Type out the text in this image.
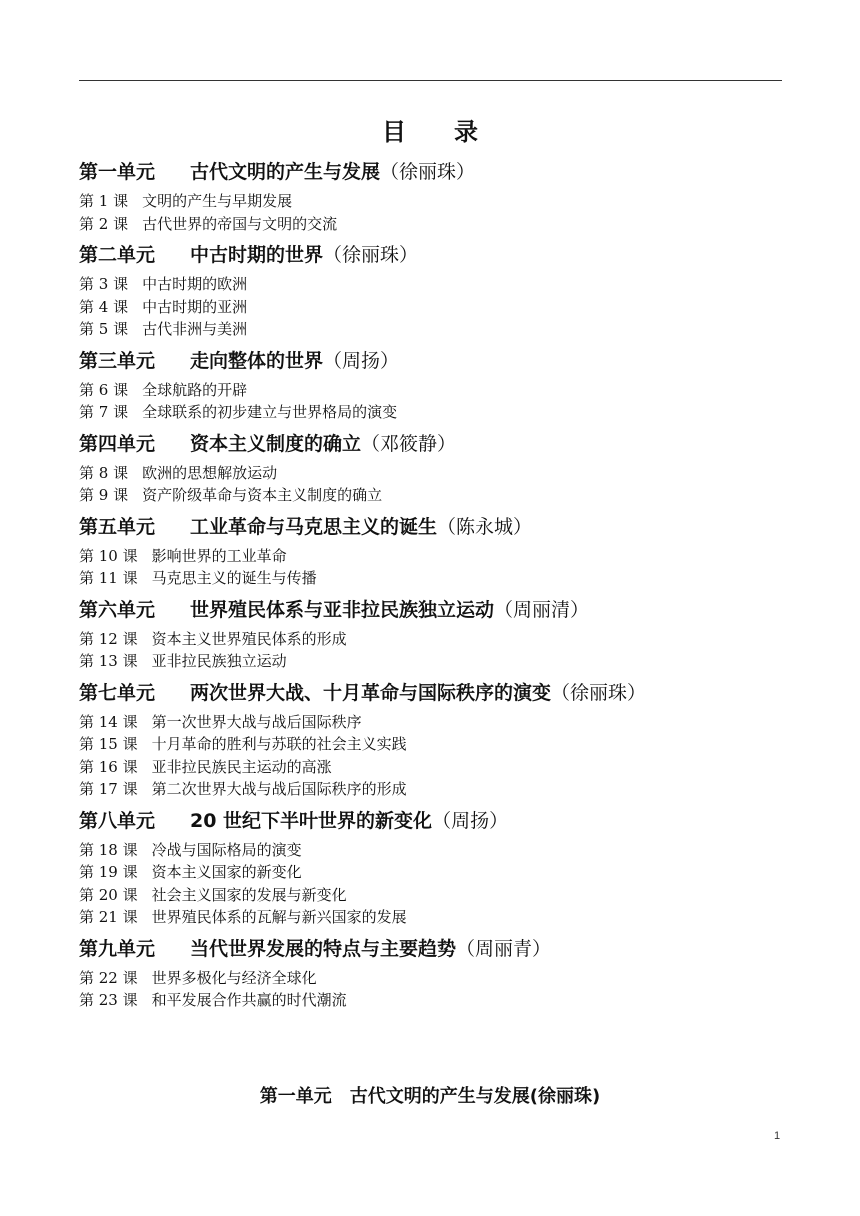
目　　录
第一单元 古代文明的产生与发展（徐丽珠）
第 1 课 文明的产生与早期发展
第 2 课 古代世界的帝国与文明的交流
第二单元 中古时期的世界（徐丽珠）
第 3 课 中古时期的欧洲
第 4 课 中古时期的亚洲
第 5 课 古代非洲与美洲
第三单元 走向整体的世界（周扬）
第 6 课 全球航路的开辟
第 7 课 全球联系的初步建立与世界格局的演变
第四单元 资本主义制度的确立（邓筱静）
第 8 课 欧洲的思想解放运动
第 9 课 资产阶级革命与资本主义制度的确立
第五单元 工业革命与马克思主义的诞生（陈永城）
第 10 课 影响世界的工业革命
第 11 课 马克思主义的诞生与传播
第六单元 世界殖民体系与亚非拉民族独立运动（周丽清）
第 12 课 资本主义世界殖民体系的形成
第 13 课 亚非拉民族独立运动
第七单元 两次世界大战、十月革命与国际秩序的演变（徐丽珠）
第 14 课 第一次世界大战与战后国际秩序
第 15 课 十月革命的胜利与苏联的社会主义实践
第 16 课 亚非拉民族民主运动的高涨
第 17 课 第二次世界大战与战后国际秩序的形成
第八单元 20 世纪下半叶世界的新变化（周扬）
第 18 课 冷战与国际格局的演变
第 19 课 资本主义国家的新变化
第 20 课 社会主义国家的发展与新变化
第 21 课 世界殖民体系的瓦解与新兴国家的发展
第九单元 当代世界发展的特点与主要趋势（周丽青）
第 22 课 世界多极化与经济全球化
第 23 课 和平发展合作共赢的时代潮流
第一单元　古代文明的产生与发展(徐丽珠)
1
